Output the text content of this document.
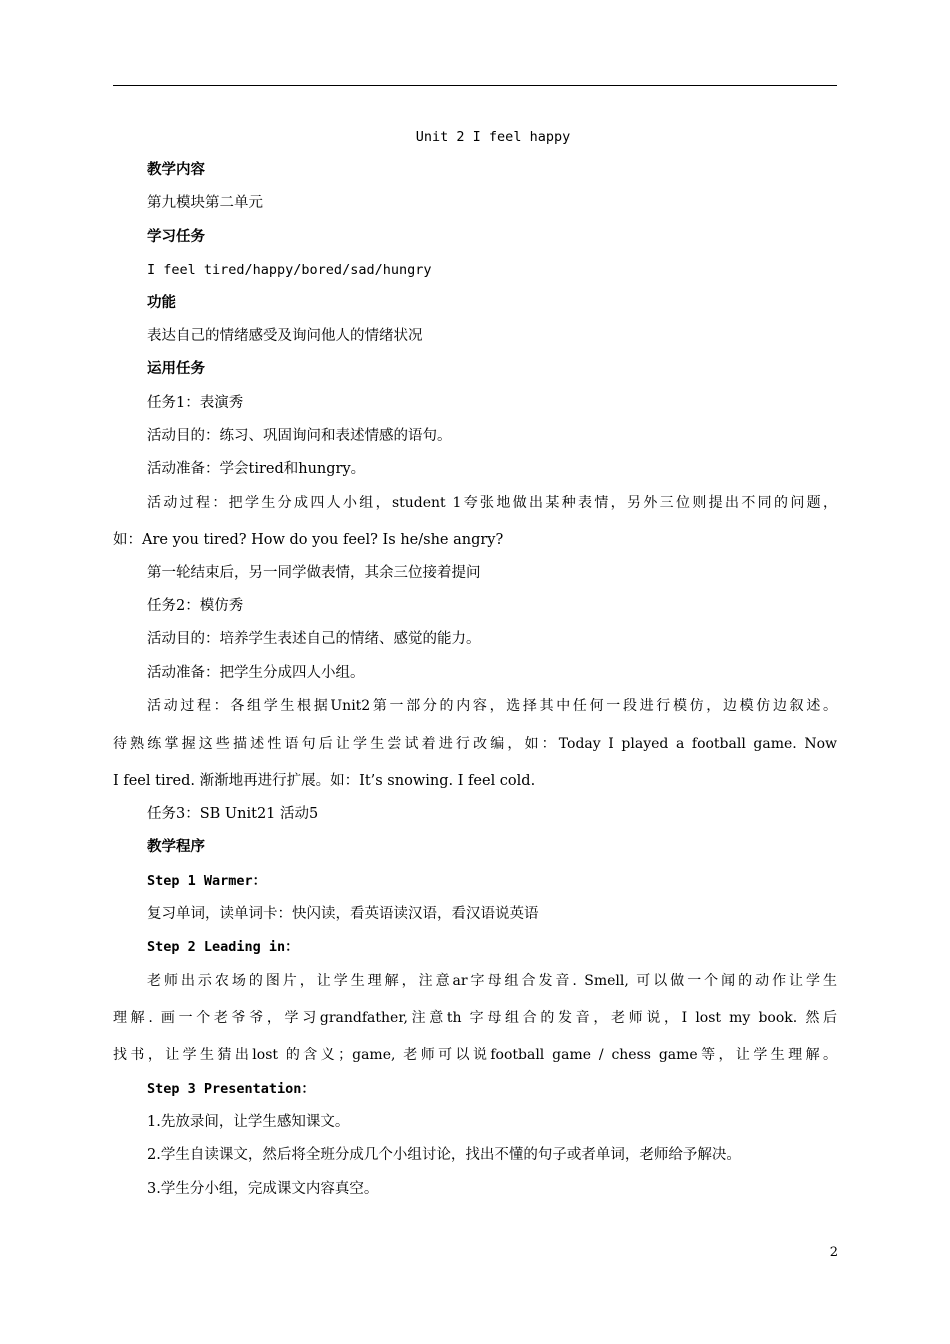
Unit 2 I feel happy
教学内容
第九模块第二单元
学习任务
I feel tired/happy/bored/sad/hungry
功能
表达自己的情绪感受及询问他人的情绪状况
运用任务
任务1：表演秀
活动目的：练习、巩固询问和表述情感的语句。
活动准备：学会tired和hungry。
活动过程：把学生分成四人小组，student 1夸张地做出某种表情，另外三位则提出不同的问题，
如：Are you tired? How do you feel? Is he/she angry?
第一轮结束后，另一同学做表情，其余三位接着提问
任务2：模仿秀
活动目的：培养学生表述自己的情绪、感觉的能力。
活动准备：把学生分成四人小组。
活动过程：各组学生根据Unit2第一部分的内容，选择其中任何一段进行模仿，边模仿边叙述。
待熟练掌握这些描述性语句后让学生尝试着进行改编，如：Today I played a football game. Now
I feel tired. 渐渐地再进行扩展。如：It’s snowing. I feel cold.
任务3：SB Unit21 活动5
教学程序
Step 1 Warmer：
复习单词，读单词卡：快闪读，看英语读汉语，看汉语说英语
Step 2 Leading in：
老师出示农场的图片，让学生理解，注意ar字母组合发音. Smell, 可以做一个闻的动作让学生
理解. 画一个老爷爷，学习grandfather,注意th 字母组合的发音，老师说，I lost my book. 然后
找书，让学生猜出lost 的含义；game, 老师可以说football game / chess game等，让学生理解。
Step 3 Presentation：
1.先放录间，让学生感知课文。
2.学生自读课文，然后将全班分成几个小组讨论，找出不懂的句子或者单词，老师给予解决。
3.学生分小组，完成课文内容真空。
2
